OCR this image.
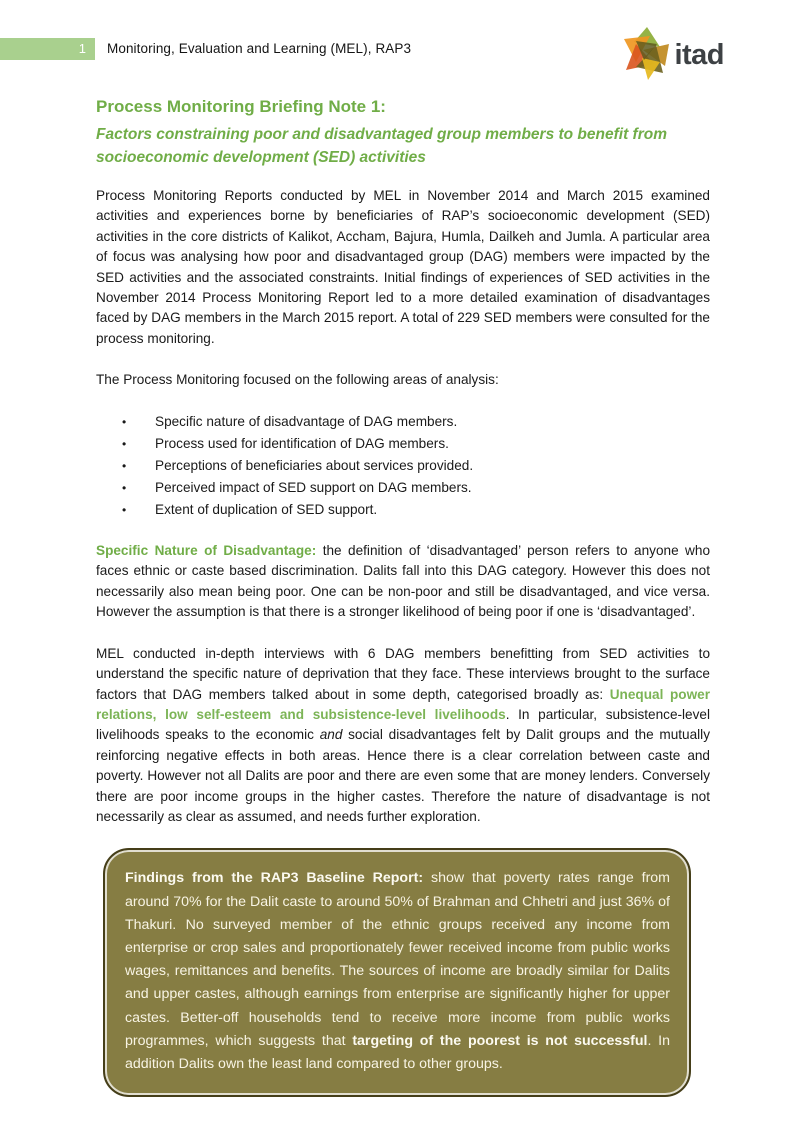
1	Monitoring, Evaluation and Learning (MEL), RAP3	itad
Process Monitoring Briefing Note 1:
Factors constraining poor and disadvantaged group members to benefit from socioeconomic development (SED) activities

Process Monitoring Reports conducted by MEL in November 2014 and March 2015 examined activities and experiences borne by beneficiaries of RAP’s socioeconomic development (SED) activities in the core districts of Kalikot, Accham, Bajura, Humla, Dailkeh and Jumla. A particular area of focus was analysing how poor and disadvantaged group (DAG) members were impacted by the SED activities and the associated constraints. Initial findings of experiences of SED activities in the November 2014 Process Monitoring Report led to a more detailed examination of disadvantages faced by DAG members in the March 2015 report. A total of 229 SED members were consulted for the process monitoring.

The Process Monitoring focused on the following areas of analysis:

• Specific nature of disadvantage of DAG members.
• Process used for identification of DAG members.
• Perceptions of beneficiaries about services provided.
• Perceived impact of SED support on DAG members.
• Extent of duplication of SED support.

Specific Nature of Disadvantage: the definition of ‘disadvantaged’ person refers to anyone who faces ethnic or caste based discrimination. Dalits fall into this DAG category. However this does not necessarily also mean being poor. One can be non-poor and still be disadvantaged, and vice versa. However the assumption is that there is a stronger likelihood of being poor if one is ‘disadvantaged’.

MEL conducted in-depth interviews with 6 DAG members benefitting from SED activities to understand the specific nature of deprivation that they face. These interviews brought to the surface factors that DAG members talked about in some depth, categorised broadly as: Unequal power relations, low self-esteem and subsistence-level livelihoods. In particular, subsistence-level livelihoods speaks to the economic and social disadvantages felt by Dalit groups and the mutually reinforcing negative effects in both areas. Hence there is a clear correlation between caste and poverty. However not all Dalits are poor and there are even some that are money lenders. Conversely there are poor income groups in the higher castes. Therefore the nature of disadvantage is not necessarily as clear as assumed, and needs further exploration.

Findings from the RAP3 Baseline Report: show that poverty rates range from around 70% for the Dalit caste to around 50% of Brahman and Chhetri and just 36% of Thakuri. No surveyed member of the ethnic groups received any income from enterprise or crop sales and proportionately fewer received income from public works wages, remittances and benefits. The sources of income are broadly similar for Dalits and upper castes, although earnings from enterprise are significantly higher for upper castes. Better-off households tend to receive more income from public works programmes, which suggests that targeting of the poorest is not successful. In addition Dalits own the least land compared to other groups.
